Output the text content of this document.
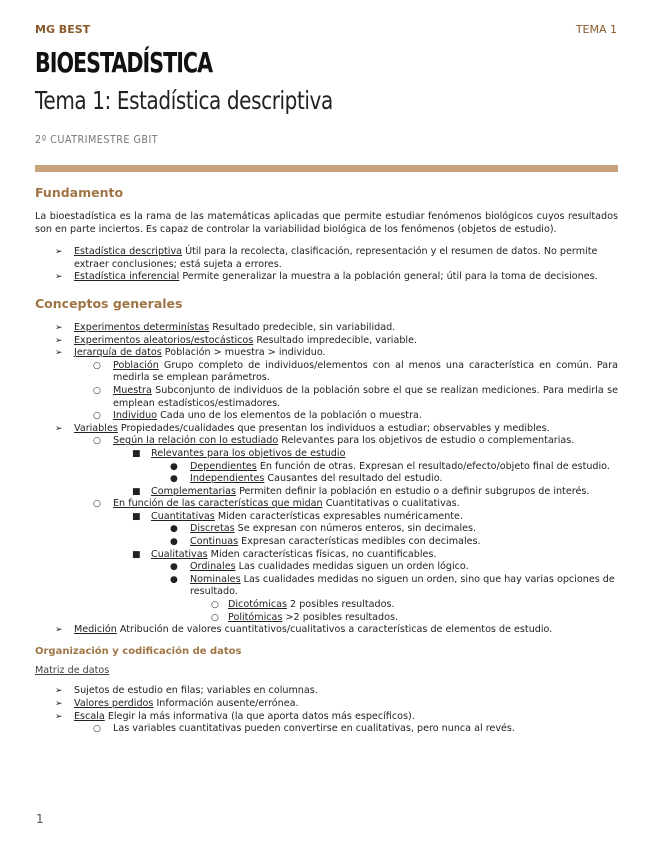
MG BEST	TEMA 1
BIOESTADÍSTICA
Tema 1: Estadística descriptiva
2º CUATRIMESTRE GBIT
Fundamento

La bioestadística es la rama de las matemáticas aplicadas que permite estudiar fenómenos biológicos cuyos resultados son en parte inciertos. Es capaz de controlar la variabilidad biológica de los fenómenos (objetos de estudio).

➢ Estadística descriptiva Útil para la recolecta, clasificación, representación y el resumen de datos. No permite extraer conclusiones; está sujeta a errores.
➢ Estadística inferencial Permite generalizar la muestra a la población general; útil para la toma de decisiones.
Conceptos generales
➢ Experimentos determinístas Resultado predecible, sin variabilidad.
➢ Experimentos aleatorios/estocásticos Resultado impredecible, variable.
➢ Jerarquía de datos Población > muestra > individuo.
○ Población Grupo completo de individuos/elementos con al menos una característica en común. Para medirla se emplean parámetros.
○ Muestra Subconjunto de individuos de la población sobre el que se realizan mediciones. Para medirla se emplean estadísticos/estimadores.
○ Individuo Cada uno de los elementos de la población o muestra.
➢ Variables Propiedades/cualidades que presentan los individuos a estudiar; observables y medibles.
○ Según la relación con lo estudiado Relevantes para los objetivos de estudio o complementarias.
■ Relevantes para los objetivos de estudio
● Dependientes En función de otras. Expresan el resultado/efecto/objeto final de estudio.
● Independientes Causantes del resultado del estudio.
■ Complementarias Permiten definir la población en estudio o a definir subgrupos de interés.
○ En función de las características que midan Cuantitativas o cualitativas.
■ Cuantitativas Miden características expresables numéricamente.
● Discretas Se expresan con números enteros, sin decimales.
● Continuas Expresan características medibles con decimales.
■ Cualitativas Miden características físicas, no cuantificables.
● Ordinales Las cualidades medidas siguen un orden lógico.
● Nominales Las cualidades medidas no siguen un orden, sino que hay varias opciones de resultado.
○ Dicotómicas 2 posibles resultados.
○ Politómicas >2 posibles resultados.
➢ Medición Atribución de valores cuantitativos/cualitativos a características de elementos de estudio.
Organización y codificación de datos

Matriz de datos

➢ Sujetos de estudio en filas; variables en columnas.
➢ Valores perdidos Información ausente/errónea.
➢ Escala Elegir la más informativa (la que aporta datos más específicos).
○ Las variables cuantitativas pueden convertirse en cualitativas, pero nunca al revés.
1
